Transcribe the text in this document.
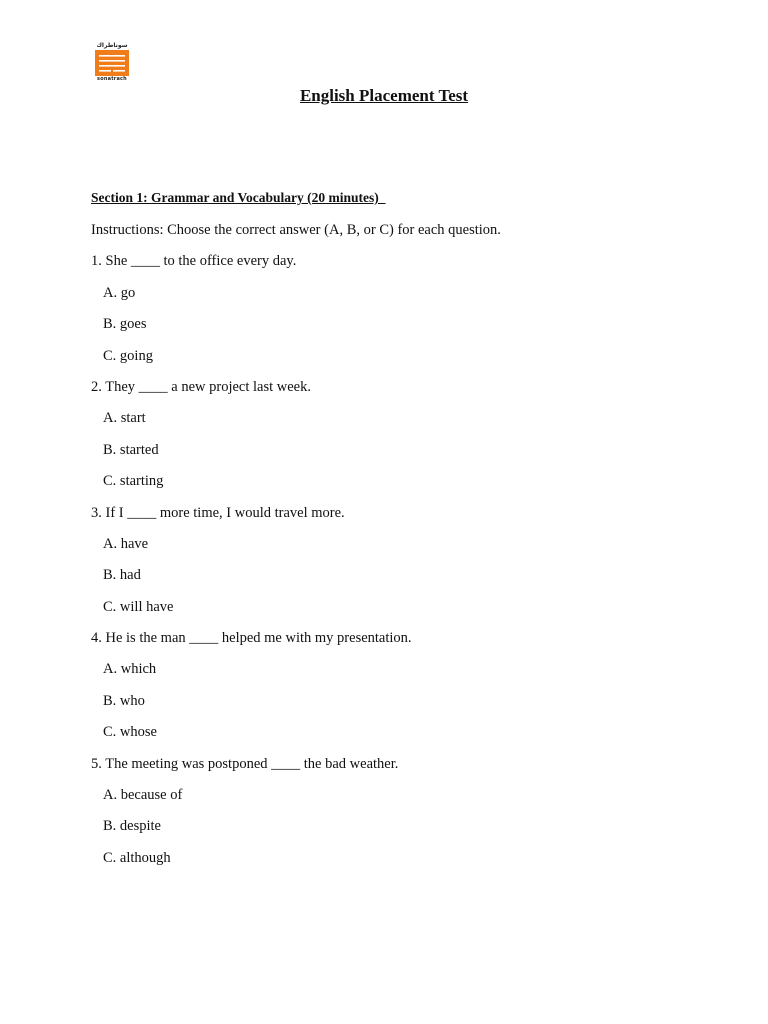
سوناطراك
sonatrach
English Placement Test
Section 1: Grammar and Vocabulary (20 minutes)
Instructions: Choose the correct answer (A, B, or C) for each question.
1. She ____ to the office every day.
A. go
B. goes
C. going
2. They ____ a new project last week.
A. start
B. started
C. starting
3. If I ____ more time, I would travel more.
A. have
B. had
C. will have
4. He is the man ____ helped me with my presentation.
A. which
B. who
C. whose
5. The meeting was postponed ____ the bad weather.
A. because of
B. despite
C. although
